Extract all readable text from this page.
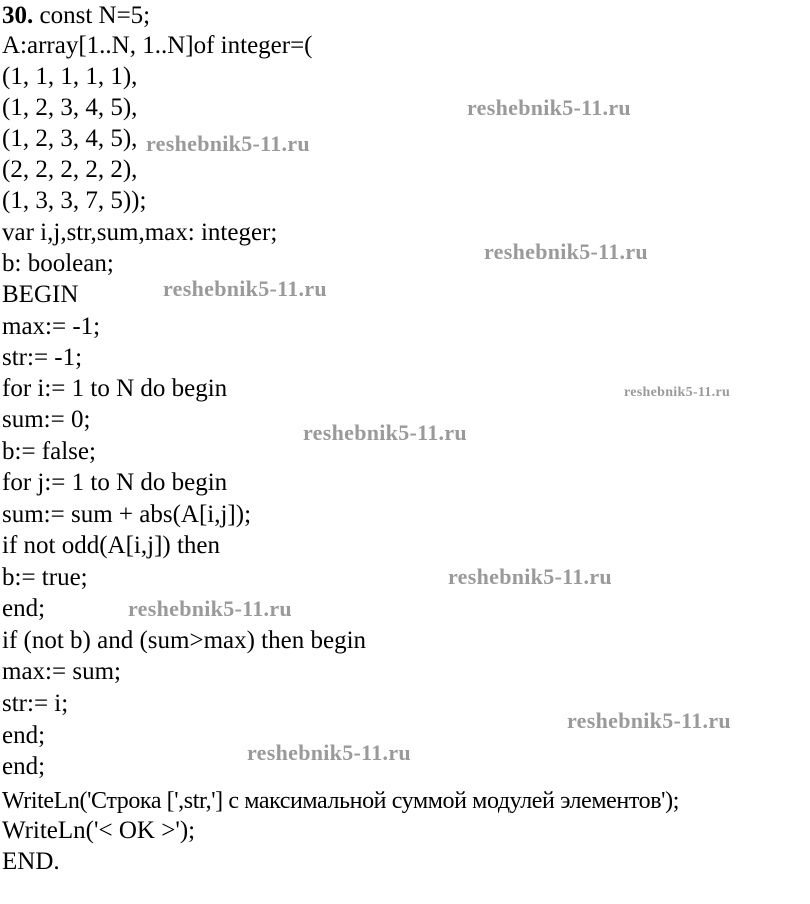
30. const N=5;
A:array[1..N, 1..N]of integer=(
(1, 1, 1, 1, 1),
(1, 2, 3, 4, 5),
(1, 2, 3, 4, 5),
(2, 2, 2, 2, 2),
(1, 3, 3, 7, 5));
var i,j,str,sum,max: integer;
b: boolean;
BEGIN
max:= -1;
str:= -1;
for i:= 1 to N do begin
sum:= 0;
b:= false;
for j:= 1 to N do begin
sum:= sum + abs(A[i,j]);
if not odd(A[i,j]) then
b:= true;
end;
if (not b) and (sum>max) then begin
max:= sum;
str:= i;
end;
end;
WriteLn('Строка [',str,'] с максимальной суммой модулей элементов');
WriteLn('< OK >');
END.
reshebnik5-11.ru
reshebnik5-11.ru
reshebnik5-11.ru
reshebnik5-11.ru
reshebnik5-11.ru
reshebnik5-11.ru
reshebnik5-11.ru
reshebnik5-11.ru
reshebnik5-11.ru
reshebnik5-11.ru
